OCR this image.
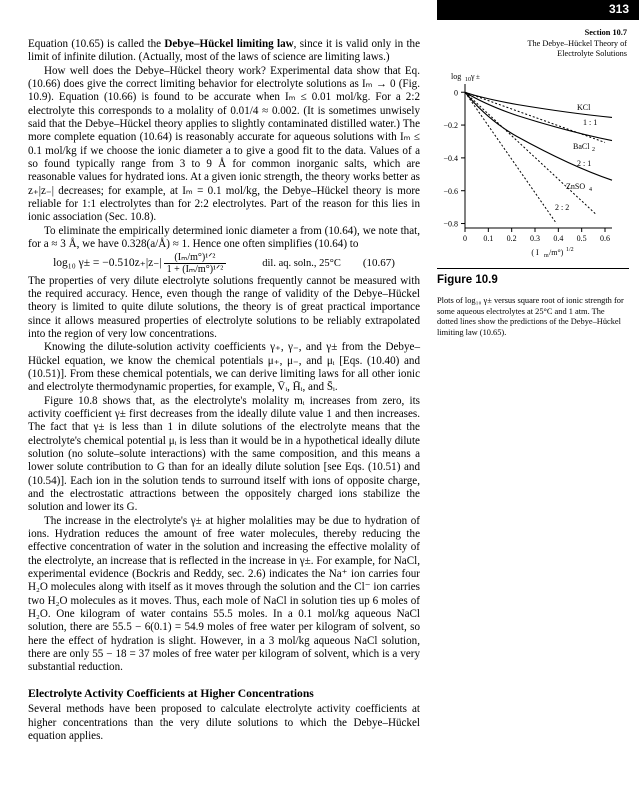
313
Section 10.7
The Debye–Hückel Theory of
Electrolyte Solutions
0
−0.2
−0.4
−0.6
−0.8
log 10 γ ±
0 0.1 0.2 0.3 0.4 0.5 0.6
( I m /m°) 1/2
KCl
1 : 1
BaCl 2
2 : 1
ZnSO 4
2 : 2
Figure 10.9
Plots of log₁₀ γ± versus square root of ionic strength for some aqueous electrolytes at 25°C and 1 atm. The dotted lines show the predictions of the Debye–Hückel limiting law (10.65).

Equation (10.65) is called the Debye–Hückel limiting law, since it is valid only in the limit of infinite dilution. (Actually, most of the laws of science are limiting laws.)

How well does the Debye–Hückel theory work? Experimental data show that Eq. (10.66) does give the correct limiting behavior for electrolyte solutions as Iₘ → 0 (Fig. 10.9). Equation (10.66) is found to be accurate when Iₘ ≤ 0.01 mol/kg. For a 2:2 electrolyte this corresponds to a molality of 0.01/4 ≈ 0.002. (It is sometimes unwisely said that the Debye–Hückel theory applies to slightly contaminated distilled water.) The more complete equation (10.64) is reasonably accurate for aqueous solutions with Iₘ ≤ 0.1 mol/kg if we choose the ionic diameter a to give a good fit to the data. Values of a so found typically range from 3 to 9 Å for common inorganic salts, which are reasonable values for hydrated ions. At a given ionic strength, the theory works better as z₊|z₋| decreases; for example, at Iₘ = 0.1 mol/kg, the Debye–Hückel theory is more reliable for 1:1 electrolytes than for 2:2 electrolytes. Part of the reason for this lies in ionic association (Sec. 10.8).

To eliminate the empirically determined ionic diameter a from (10.64), we note that, for a ≈ 3 Å, we have 0.328(a/Å) ≈ 1. Hence one often simplifies (10.64) to

log₁₀ $\gamma\pm = -0.510z_+|z_-| \frac{\text{(Iₘ/m°)¹ᐟ²}}{\text{1 + (Iₘ/m°)¹ᐟ²}}$	dil. aq. soln., 25°C (10.67)

The properties of very dilute electrolyte solutions frequently cannot be measured with the required accuracy. Hence, even though the range of validity of the Debye–Hückel theory is limited to quite dilute solutions, the theory is of great practical importance since it allows measured properties of electrolyte solutions to be reliably extrapolated into the region of very low concentrations.

Knowing the dilute-solution activity coefficients γ₊, γ₋, and γ± from the Debye–Hückel equation, we know the chemical potentials μ₊, μ₋, and μᵢ [Eqs. (10.40) and (10.51)]. From these chemical potentials, we can derive limiting laws for all other ionic and electrolyte thermodynamic properties, for example, V̄ᵢ, H̄ᵢ, and S̄ᵢ.

Figure 10.8 shows that, as the electrolyte's molality mᵢ increases from zero, its activity coefficient γ± first decreases from the ideally dilute value 1 and then increases. The fact that γ± is less than 1 in dilute solutions of the electrolyte means that the electrolyte's chemical potential μᵢ is less than it would be in a hypothetical ideally dilute solution (no solute–solute interactions) with the same composition, and this means a lower solute contribution to G than for an ideally dilute solution [see Eqs. (10.51) and (10.54)]. Each ion in the solution tends to surround itself with ions of opposite charge, and the electrostatic attractions between the oppositely charged ions stabilize the solution and lower its G.

The increase in the electrolyte's γ± at higher molalities may be due to hydration of ions. Hydration reduces the amount of free water molecules, thereby reducing the effective concentration of water in the solution and increasing the effective molality of the electrolyte, an increase that is reflected in the increase in γ±. For example, for NaCl, experimental evidence (Bockris and Reddy, sec. 2.6) indicates the Na⁺ ion carries four H₂O molecules along with itself as it moves through the solution and the Cl⁻ ion carries two H₂O molecules as it moves. Thus, each mole of NaCl in solution ties up 6 moles of H₂O. One kilogram of water contains 55.5 moles. In a 0.1 mol/kg aqueous NaCl solution, there are 55.5 − 6(0.1) = 54.9 moles of free water per kilogram of solvent, so here the effect of hydration is slight. However, in a 3 mol/kg aqueous NaCl solution, there are only 55 − 18 = 37 moles of free water per kilogram of solvent, which is a very substantial reduction.

Electrolyte Activity Coefficients at Higher Concentrations

Several methods have been proposed to calculate electrolyte activity coefficients at higher concentrations than the very dilute solutions to which the Debye–Hückel equation applies.
